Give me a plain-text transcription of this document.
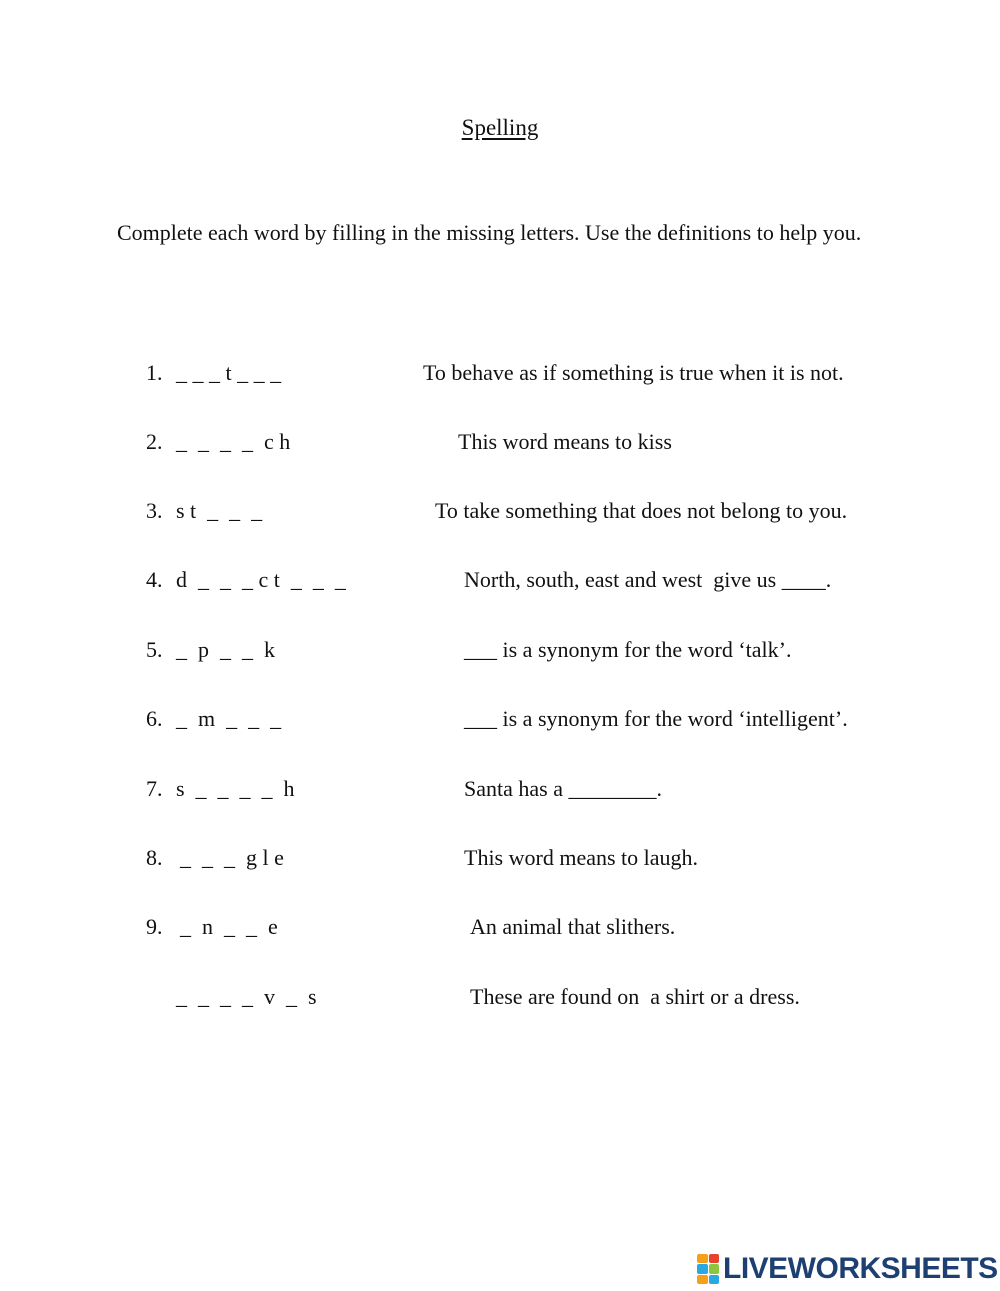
Spelling
Complete each word by filling in the missing letters. Use the definitions to help you.

1.

_ _ _ t _ _ _

	To behave as if something is true when it is not.

2.

_  _  _  _  c h

	This word means to kiss

3.

s t  _  _  _

	To take something that does not belong to you.

4.

d  _  _  _ c t  _  _  _

	North, south, east and west  give us ____.

5.

_  p  _  _  k

	___ is a synonym for the word ‘talk’.

6.

_  m  _  _  _

	___ is a synonym for the word ‘intelligent’.

7.

s  _  _  _  _  h

	Santa has a ________.

8.

_  _  _  g l e

	This word means to laugh.

9.

_  n  _  _  e

	An animal that slithers.

_  _  _  _  v  _  s

	These are found on  a shirt or a dress.

LIVEWORKSHEETS
